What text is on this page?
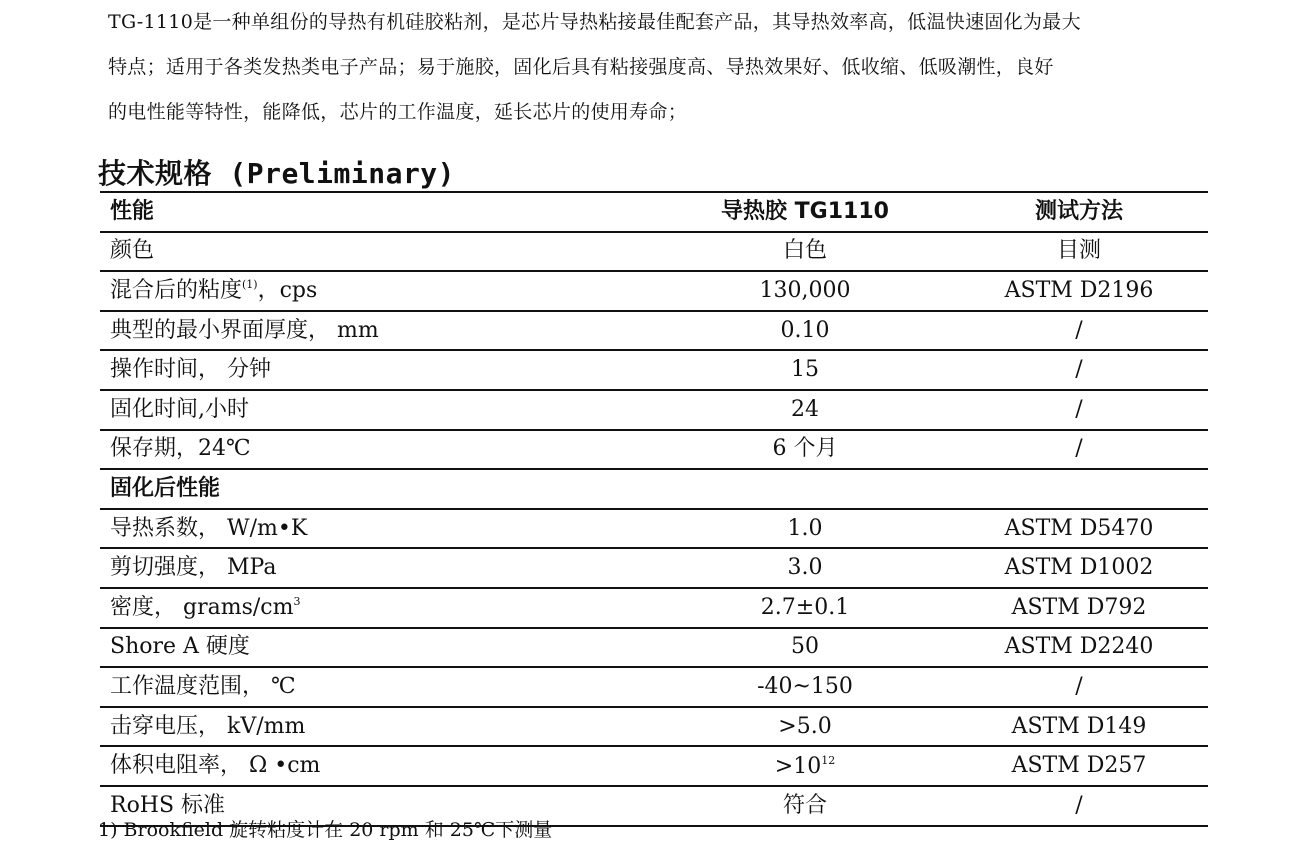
TG-1110是一种单组份的导热有机硅胶粘剂，是芯片导热粘接最佳配套产品，其导热效率高，低温快速固化为最大

特点；适用于各类发热类电子产品；易于施胶，固化后具有粘接强度高、导热效果好、低收缩、低吸潮性，良好

的电性能等特性，能降低，芯片的工作温度，延长芯片的使用寿命；

技术规格 (Preliminary)
性能	导热胶 TG1110	测试方法
颜色	白色	目测
混合后的粘度$^{(1)}$，cps	130,000	ASTM D2196
典型的最小界面厚度， mm	0.10	/
操作时间， 分钟	15	/
固化时间,小时	24	/
保存期，24℃	6 个月	/
固化后性能		
导热系数， W/m•K	1.0	ASTM D5470
剪切强度， MPa	3.0	ASTM D1002
密度， grams/$cm^3$	2.7±0.1	ASTM D792
Shore A 硬度	50	ASTM D2240
工作温度范围， ℃	-40~150	/
击穿电压， kV/mm	>5.0	ASTM D149
体积电阻率， Ω •cm	$>10^{12}$	ASTM D257
RoHS 标准	符合	/
1) Brookfield 旋转粘度计在 20 rpm 和 25℃下测量
